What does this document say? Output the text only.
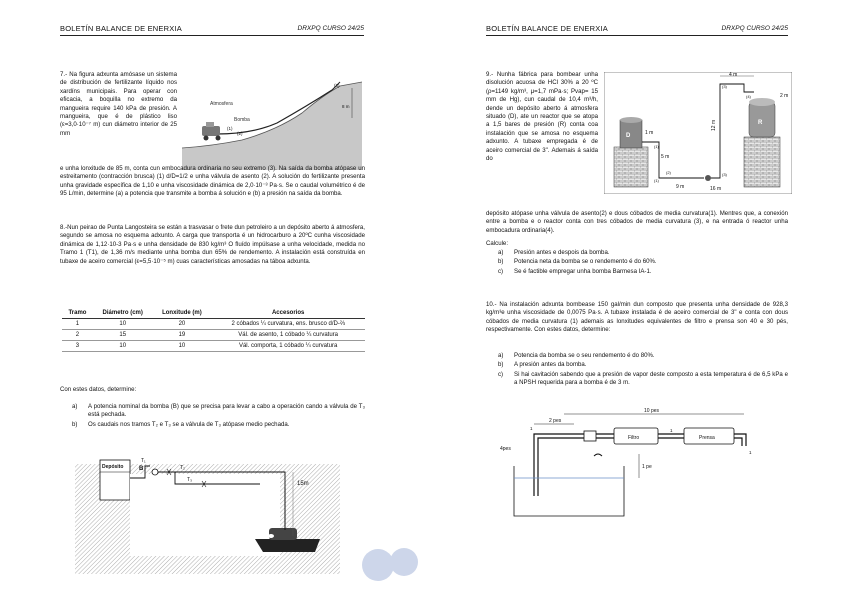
BOLETÍN BALANCE DE ENERXIA	DRXPQ CURSO 24/25

7.- Na figura adxunta amósase un sistema de distribución de fertilizante líquido nos xardíns municipais. Para operar con eficacia, a boquilla no extremo da mangueira require 140 kPa de presión. A mangueira, que é de plástico liso (ε=3,0·10⁻⁷ m) cun diámetro interior de 25 mm

Atmosfera
Bomba
(1)
(2)
(3)
8 m

e unha lonxitude de 85 m, conta cun embocadura ordinaria no seu extremo (3). Na saída da bomba atópase un estreitamento (contracción brusca) (1) d/D=1/2 e unha válvula de asento (2). A solución do fertilizante presenta unha gravidade específica de 1,10 e unha viscosidade dinámica de 2,0·10⁻³ Pa·s. Se o caudal volumétrico é de 95 L/min, determine (a) a potencia que transmite a bomba á solución e (b) a presión na saída da bomba.

8.-Nun peirao de Punta Langosteira se están a trasvasar o frete dun petroleiro a un depósito aberto á atmosfera, segundo se amosa no esquema adxunto. A carga que transporta é un hidrocarburo a 20ºC cunha viscosidade dinámica de 1,12·10-3 Pa·s e unha densidade de 830 kg/m³ O fluído impúlsase a unha velocidade, medida no Tramo 1 (T1), de 1,36 m/s mediante unha bomba dun 65% de rendemento. A instalación está construída en tubaxe de aceiro comercial (ε=5,5·10⁻⁵ m) cuas características amosadas na táboa adxunta.

Tramo	Diámetro (cm)	Lonxitude (m)	Accesorios
1	10	20	2 cóbados ¼ curvatura, ens. brusco d/D-⅔
2	15	19	Vál. de asento, 1 cóbado ¼ curvatura
3	10	10	Vál. comporta, 1 cóbado ¼ curvatura

Con estes datos, determine:

a) A potencia nominal da bomba (B) que se precisa para levar a cabo a operación cando a válvula de T₃ está pechada.
b) Os caudais nos tramos T₂ e T₃ se a válvula de T₃ atópase medio pechada.
Depósito
T₁
B	T₂
T₃
15m
BOLETÍN BALANCE DE ENERXIA	DRXPQ CURSO 24/25

9.- Nunha fábrica para bombear unha disolución acuosa de HCl 30% a 20 ºC (ρ=1149 kg/m³, μ=1,7 mPa·s; Pvap= 15 mm de Hg), cun caudal de 10,4 m³/h, dende un depósito aberto á atmosfera situado (D), ate un reactor que se atopa a 1,5 bares de presión (R) conta coa instalación que se amosa no esquema adxunto. A tubaxe empregada é de aceiro comercial de 3". Ademais á saída do

4 m
2 m
12 m
1 m
5 m
9 m	16 m
D
R
(1)
(2)
(3)
(4)
(3)
(1)

depósito atópase unha válvula de asento(2) e dous cóbados de media curvatura(1). Mentres que, a conexión entre a bomba e o reactor conta con tres cóbados de media curvatura (3), e na entrada ó reactor unha embocadura ordinaria(4).

Calcule:

a) Presión antes e despois da bomba.
b) Potencia neta da bomba se o rendemento é do 60%.
c) Se é factible empregar unha bomba Barmesa IA-1.

10.- Na instalación adxunta bombease 150 gal/min dun composto que presenta unha densidade de 928,3 kg/m³e unha viscosidade de 0,0075 Pa·s. A tubaxe instalada é de aceiro comercial de 3" e conta con dous cóbados de media curvatura (1) ademais as lonxitudes equivalentes de filtro e prensa son 40 e 30 pés, respectivamente. Con estes datos, determine:

a) Potencia da bomba se o seu rendemento é do 80%.
b) A presión antes da bomba.
c) Si hai cavitación sabendo que a presión de vapor deste composto a esta temperatura é de 6,5 kPa e a NPSH requerida para a bomba é de 3 m.
10 pes
2 pes
Filtro	Prensa
4pes
1 pe
1	1
1
